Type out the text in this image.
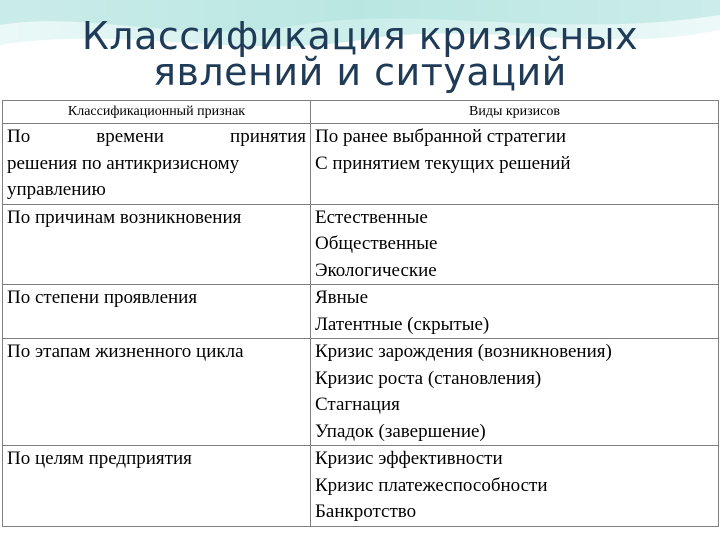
Классификация кризисных
явлений и ситуаций
Классификационный признак	Виды кризисов

По времени принятия
решения по антикризисному
управлению	По ранее выбранной стратегии
С принятием текущих решений

По причинам возникновения	Естественные
Общественные
Экологические

По степени проявления	Явные
Латентные (скрытые)

По этапам жизненного цикла	Кризис зарождения (возникновения)
Кризис роста (становления)
Стагнация
Упадок (завершение)

По целям предприятия	Кризис эффективности
Кризис платежеспособности
Банкротство
